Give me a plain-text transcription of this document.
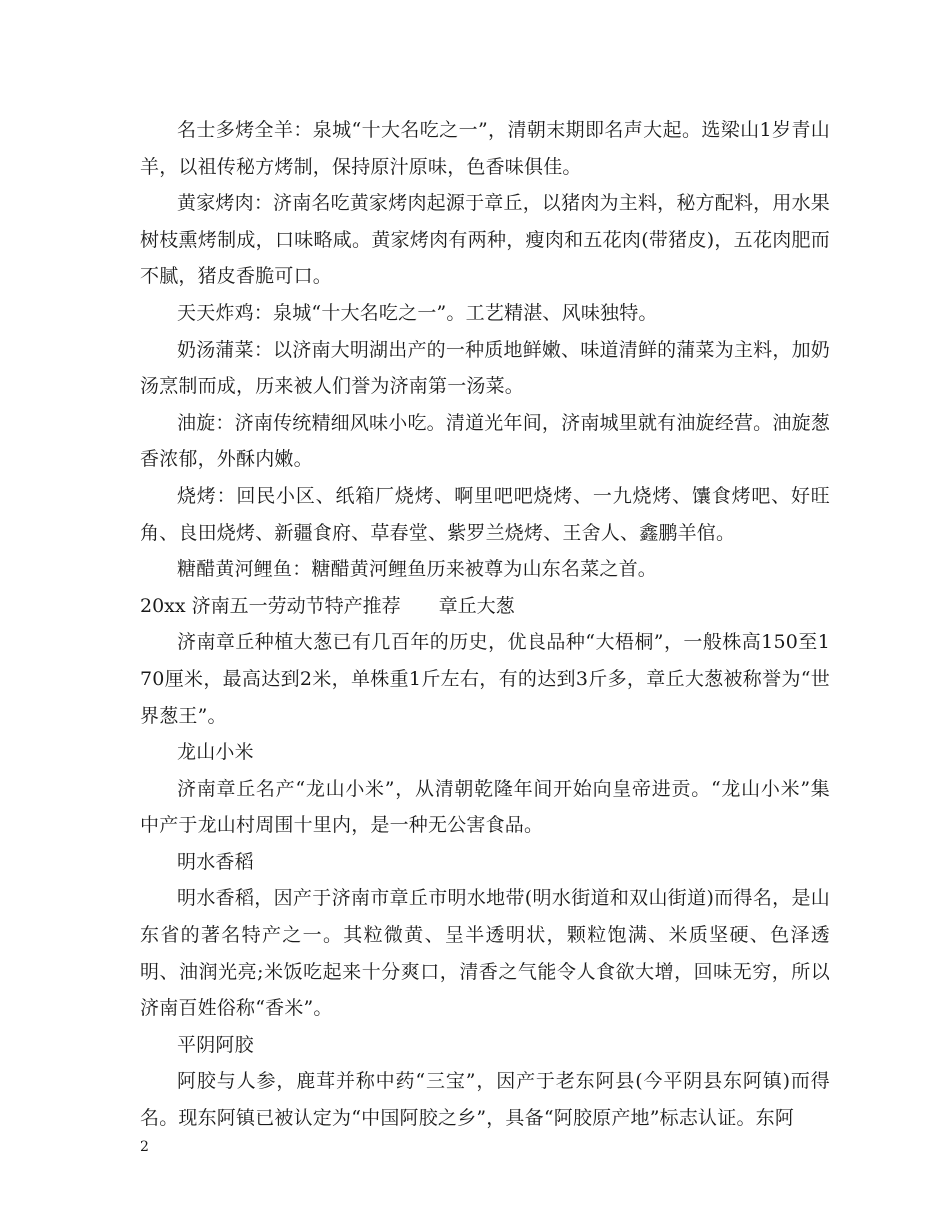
名士多烤全羊：泉城“十大名吃之一”，清朝末期即名声大起。选梁山1岁青山羊，以祖传秘方烤制，保持原汁原味，色香味俱佳。

黄家烤肉：济南名吃黄家烤肉起源于章丘，以猪肉为主料，秘方配料，用水果树枝熏烤制成，口味略咸。黄家烤肉有两种，瘦肉和五花肉(带猪皮)，五花肉肥而不腻，猪皮香脆可口。

天天炸鸡：泉城“十大名吃之一”。工艺精湛、风味独特。

奶汤蒲菜：以济南大明湖出产的一种质地鲜嫩、味道清鲜的蒲菜为主料，加奶汤烹制而成，历来被人们誉为济南第一汤菜。

油旋：济南传统精细风味小吃。清道光年间，济南城里就有油旋经营。油旋葱香浓郁，外酥内嫩。

烧烤：回民小区、纸箱厂烧烤、啊里吧吧烧烤、一九烧烤、馕食烤吧、好旺角、良田烧烤、新疆食府、草春堂、紫罗兰烧烤、王舍人、鑫鹏羊倌。

糖醋黄河鲤鱼：糖醋黄河鲤鱼历来被尊为山东名菜之首。

20xx 济南五一劳动节特产推荐 章丘大葱

济南章丘种植大葱已有几百年的历史，优良品种“大梧桐”，一般株高150至170厘米，最高达到2米，单株重1斤左右，有的达到3斤多，章丘大葱被称誉为“世界葱王”。

龙山小米

济南章丘名产“龙山小米”，从清朝乾隆年间开始向皇帝进贡。“龙山小米”集中产于龙山村周围十里内，是一种无公害食品。

明水香稻

明水香稻，因产于济南市章丘市明水地带(明水街道和双山街道)而得名，是山东省的著名特产之一。其粒微黄、呈半透明状，颗粒饱满、米质坚硬、色泽透明、油润光亮;米饭吃起来十分爽口，清香之气能令人食欲大增，回味无穷，所以济南百姓俗称“香米”。

平阴阿胶

阿胶与人参，鹿茸并称中药“三宝”，因产于老东阿县(今平阴县东阿镇)而得名。现东阿镇已被认定为“中国阿胶之乡”，具备“阿胶原产地”标志认证。东阿

2
